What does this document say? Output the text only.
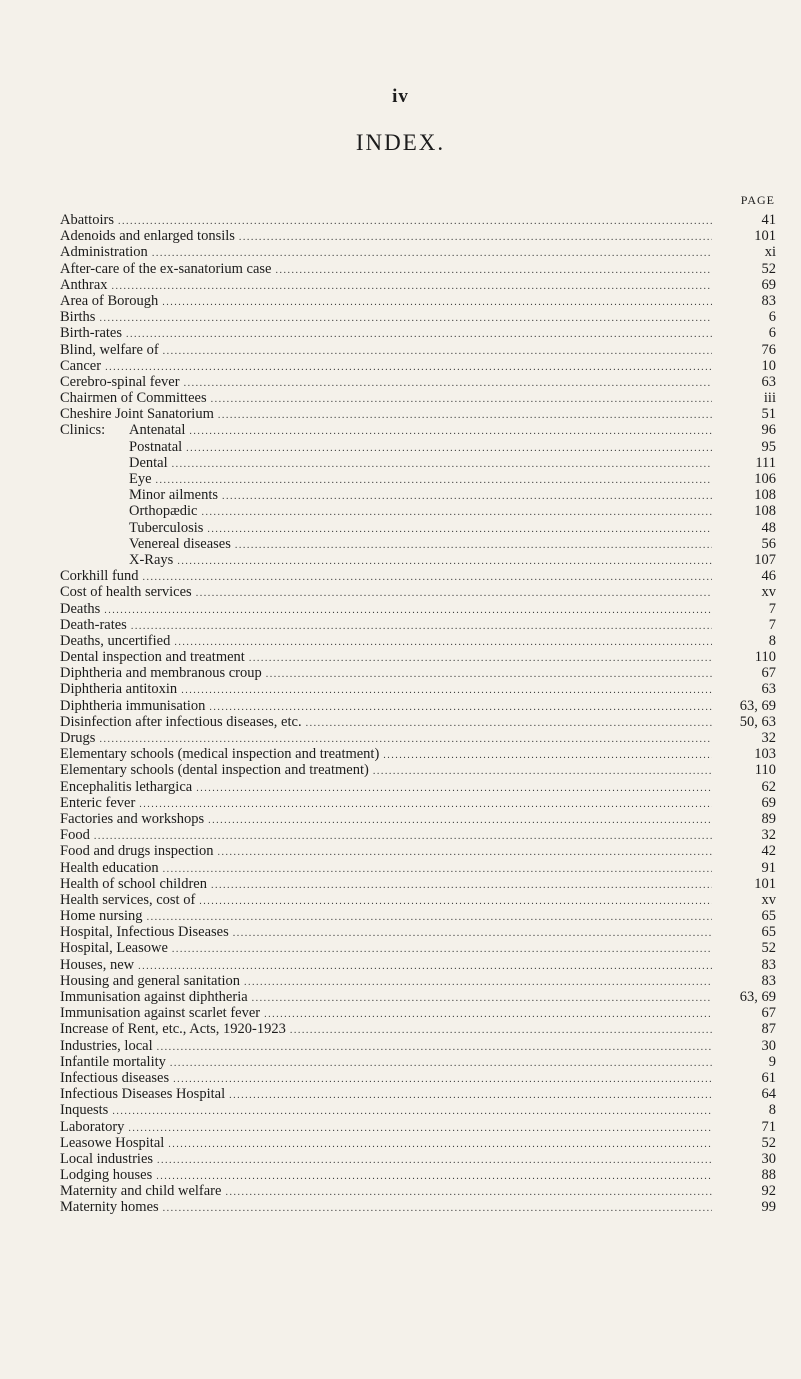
iv
INDEX.
PAGE
Abattoirs .....	41
Adenoids and enlarged tonsils .....	101
Administration .....	xi
After-care of the ex-sanatorium case .....	52
Anthrax .....	69
Area of Borough .....	83
Births .....	6
Birth-rates .....	6
Blind, welfare of .....	76
Cancer .....	10
Cerebro-spinal fever .....	63
Chairmen of Committees .....	iii
Cheshire Joint Sanatorium .....	51
Clinics:	Antenatal .....	96
Postnatal .....	95
Dental .....	111
Eye .....	106
Minor ailments .....	108
Orthopædic .....	108
Tuberculosis .....	48
Venereal diseases .....	56
X-Rays .....	107
Corkhill fund .....	46
Cost of health services .....	xv
Deaths .....	7
Death-rates .....	7
Deaths, uncertified .....	8
Dental inspection and treatment .....	110
Diphtheria and membranous croup .....	67
Diphtheria antitoxin .....	63
Diphtheria immunisation .....	63, 69
Disinfection after infectious diseases, etc. .....	50, 63
Drugs .....	32
Elementary schools (medical inspection and treatment) .....	103
Elementary schools (dental inspection and treatment) .....	110
Encephalitis lethargica .....	62
Enteric fever .....	69
Factories and workshops .....	89
Food .....	32
Food and drugs inspection .....	42
Health education .....	91
Health of school children .....	101
Health services, cost of .....	xv
Home nursing .....	65
Hospital, Infectious Diseases .....	65
Hospital, Leasowe .....	52
Houses, new .....	83
Housing and general sanitation .....	83
Immunisation against diphtheria .....	63, 69
Immunisation against scarlet fever .....	67
Increase of Rent, etc., Acts, 1920-1923 .....	87
Industries, local .....	30
Infantile mortality .....	9
Infectious diseases .....	61
Infectious Diseases Hospital .....	64
Inquests .....	8
Laboratory .....	71
Leasowe Hospital .....	52
Local industries .....	30
Lodging houses .....	88
Maternity and child welfare .....	92
Maternity homes .....	99
